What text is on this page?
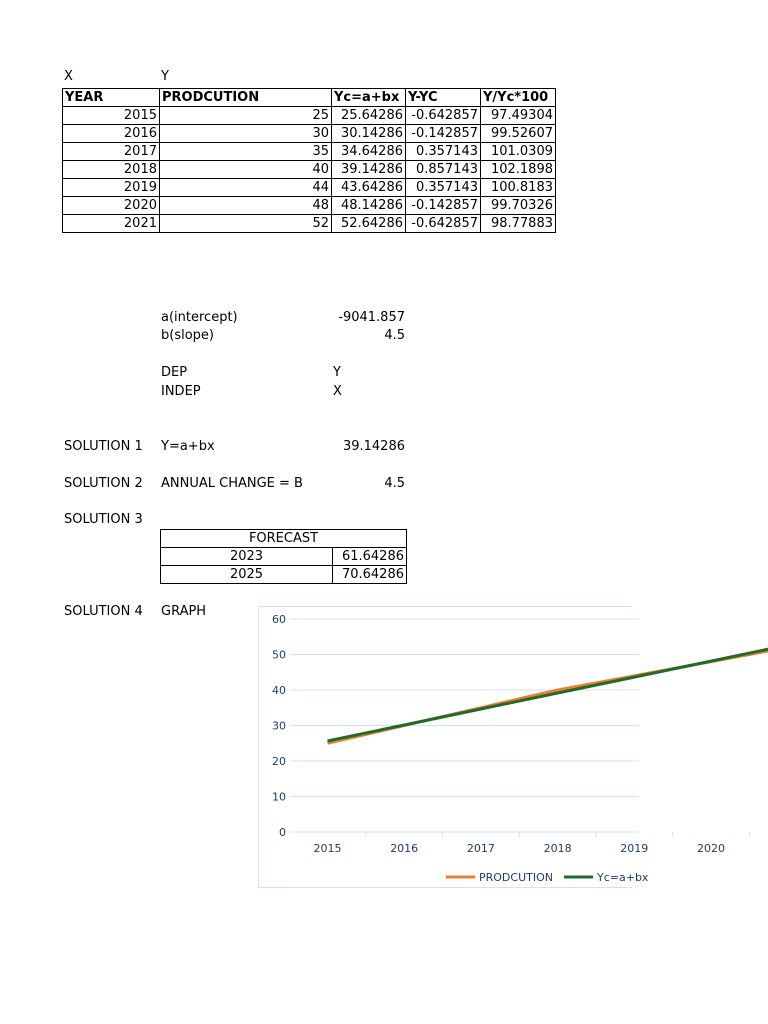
X	Y
YEAR	PRODCUTION	Yc=a+bx	Y-YC	Y/Yc*100
2015	25	25.64286	-0.642857	97.49304
2016	30	30.14286	-0.142857	99.52607
2017	35	34.64286	0.357143	101.0309
2018	40	39.14286	0.857143	102.1898
2019	44	43.64286	0.357143	100.8183
2020	48	48.14286	-0.142857	99.70326
2021	52	52.64286	-0.642857	98.77883
a(intercept)	-9041.857
b(slope)	4.5
DEP	Y
INDEP	X
SOLUTION 1 Y=a+bx	39.14286
SOLUTION 2 ANNUAL CHANGE = B	4.5
SOLUTION 3
FORECAST	
2023	61.64286
2025	70.64286
SOLUTION 4 GRAPH
0
10
20
30
40
50
60
2015	2016	2017	2018	2019	2020
PRODCUTION	Yc=a+bx
